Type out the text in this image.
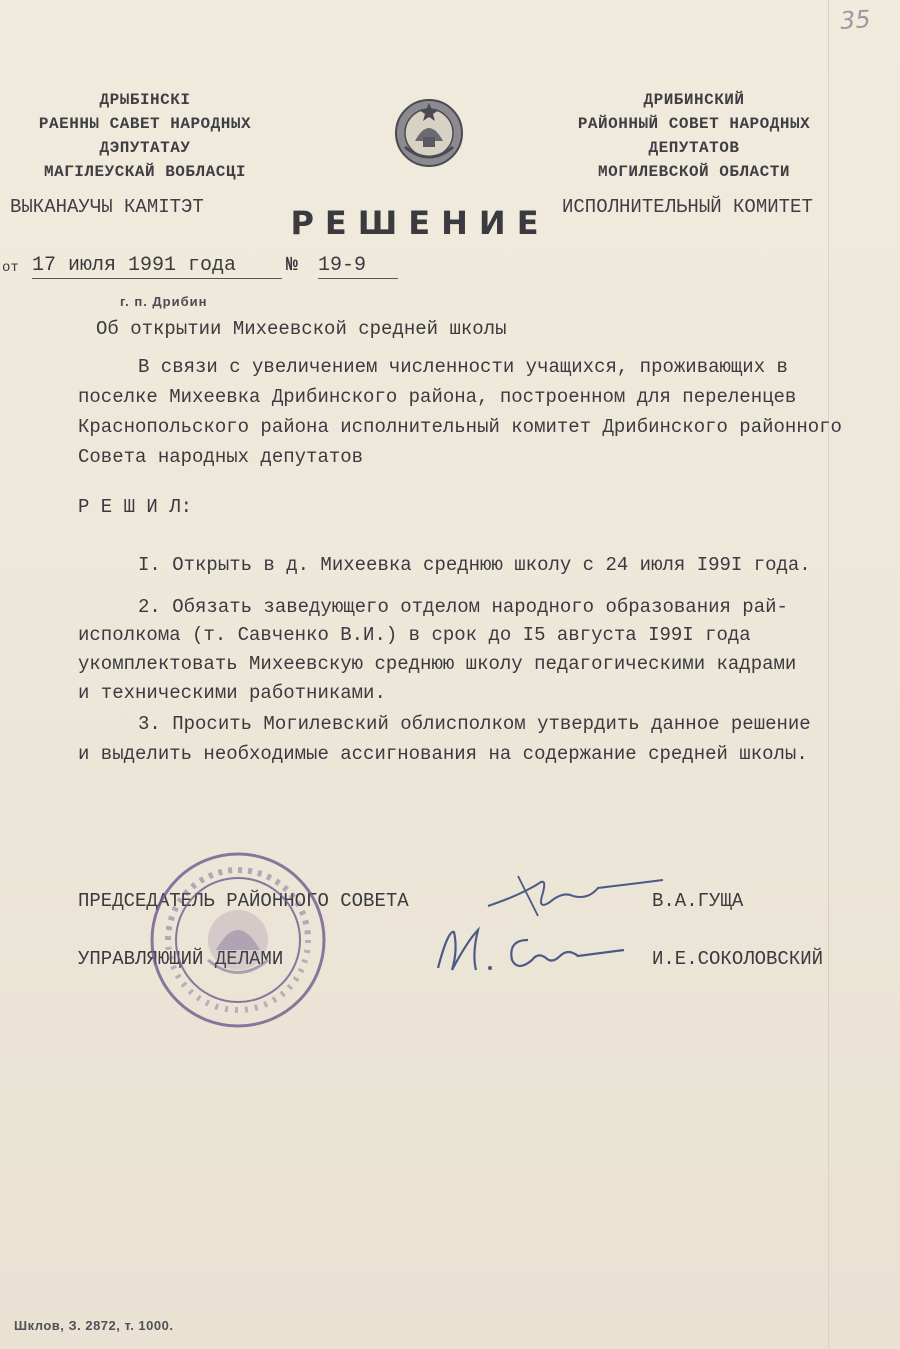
35
ДРЫБІНСКІ
РАЕННЫ САВЕТ НАРОДНЫХ
ДЭПУТАТАУ
МАГІЛЕУСКАЙ ВОБЛАСЦІ
ДРИБИНСКИЙ
РАЙОННЫЙ СОВЕТ НАРОДНЫХ
ДЕПУТАТОВ
МОГИЛЕВСКОЙ ОБЛАСТИ
ВЫКАНАУЧЫ КАМІТЭТ	ИСПОЛНИТЕЛЬНЫЙ КОМИТЕТ
РЕШЕНИЕ
от 17 июля 1991 года	№ 19-9
г. п. Дрибин
Об открытии Михеевской средней школы
В связи с увеличением численности учащихся, проживающих в
поселке Михеевка Дрибинского района, построенном для переленцев
Краснопольского района исполнительный комитет Дрибинского районного
Совета народных депутатов
Р Е Ш И Л:
I. Открыть в д. Михеевка среднюю школу с 24 июля I99I года.
2. Обязать заведующего отделом народного образования рай-
исполкома (т. Савченко В.И.) в срок до I5 августа I99I года
укомплектовать Михеевскую среднюю школу педагогическими кадрами
и техническими работниками.
3. Просить Могилевский облисполком утвердить данное решение
и выделить необходимые ассигнования на содержание средней школы.
ПРЕДСЕДАТЕЛЬ РАЙОННОГО СОВЕТА	В.А.ГУЩА
УПРАВЛЯЮЩИЙ ДЕЛАМИ	И.Е.СОКОЛОВСКИЙ
Шклов, З. 2872, т. 1000.
